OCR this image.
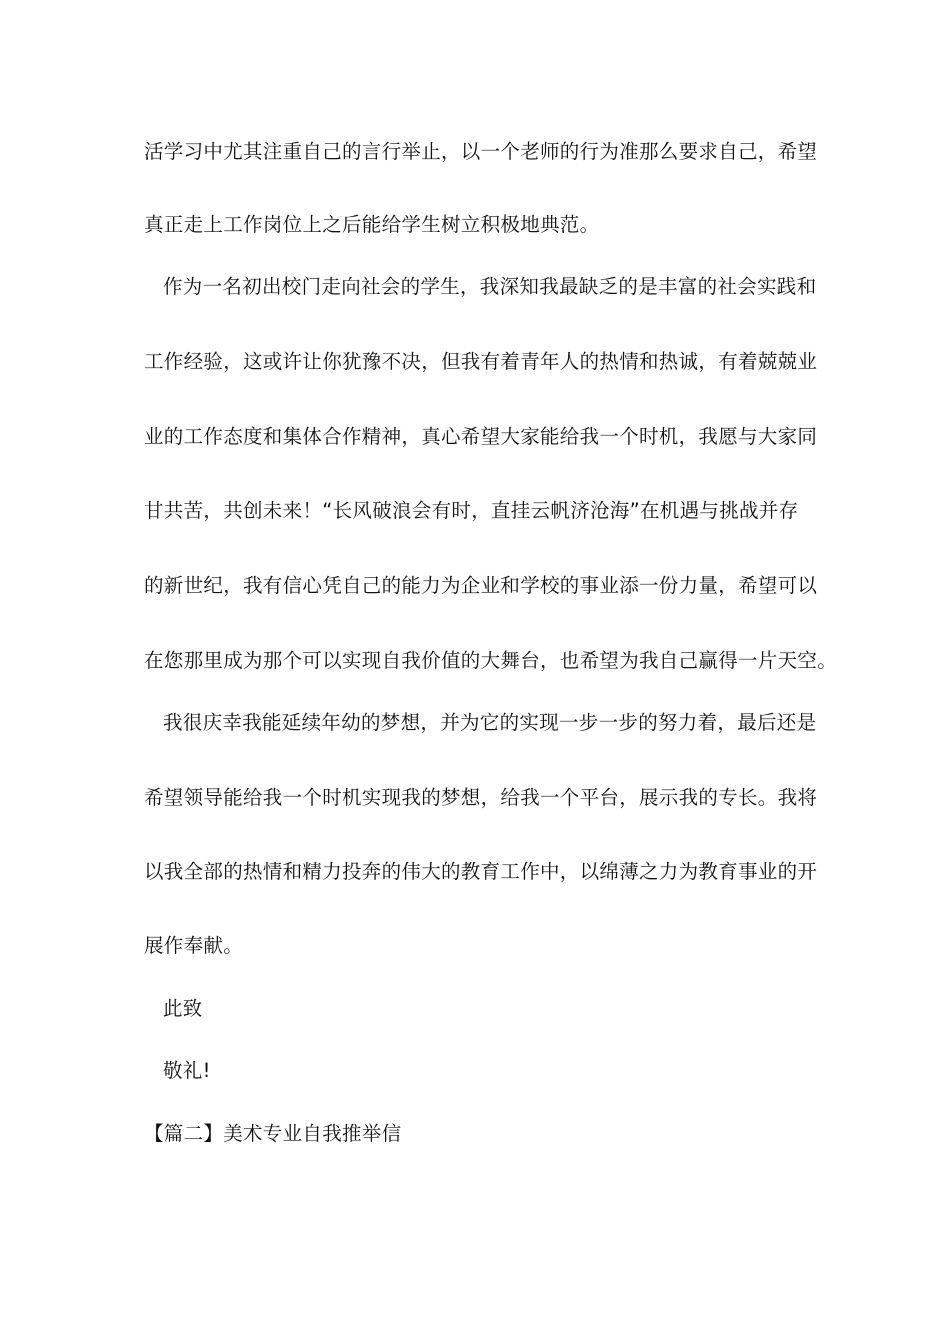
活学习中尤其注重自己的言行举止，以一个老师的行为准那么要求自己，希望
真正走上工作岗位上之后能给学生树立积极地典范。
作为一名初出校门走向社会的学生，我深知我最缺乏的是丰富的社会实践和
工作经验，这或许让你犹豫不决，但我有着青年人的热情和热诚，有着兢兢业
业的工作态度和集体合作精神，真心希望大家能给我一个时机，我愿与大家同
甘共苦，共创未来！“长风破浪会有时，直挂云帆济沧海”在机遇与挑战并存
的新世纪，我有信心凭自己的能力为企业和学校的事业添一份力量，希望可以
在您那里成为那个可以实现自我价值的大舞台，也希望为我自己赢得一片天空。
我很庆幸我能延续年幼的梦想，并为它的实现一步一步的努力着，最后还是
希望领导能给我一个时机实现我的梦想，给我一个平台，展示我的专长。我将
以我全部的热情和精力投奔的伟大的教育工作中，以绵薄之力为教育事业的开
展作奉献。
此致
敬礼!
【篇二】美术专业自我推举信
